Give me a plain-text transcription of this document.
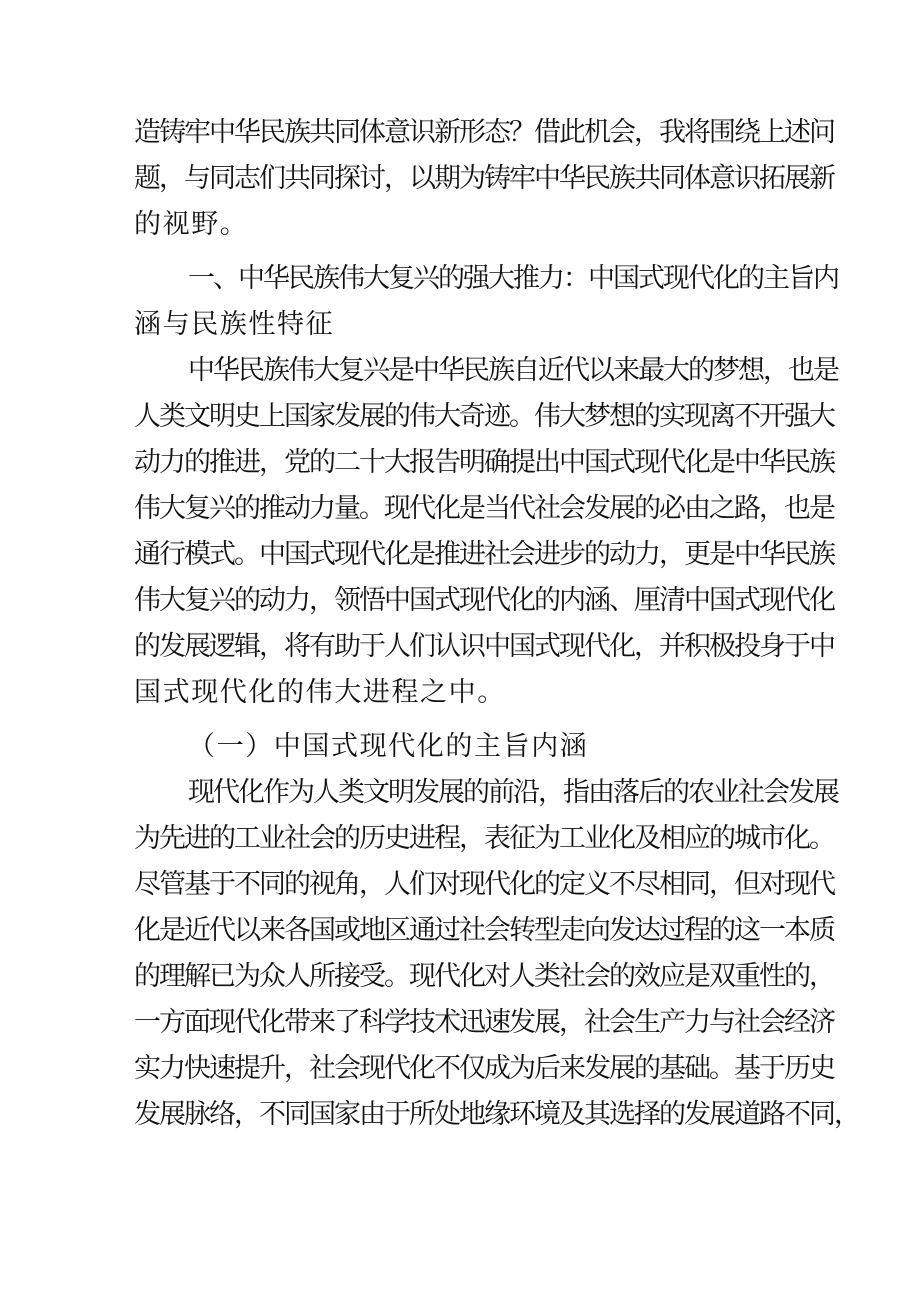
造铸牢中华民族共同体意识新形态？借此机会，我将围绕上述问
题，与同志们共同探讨，以期为铸牢中华民族共同体意识拓展新
的视野。
一、中华民族伟大复兴的强大推力：中国式现代化的主旨内
涵与民族性特征
中华民族伟大复兴是中华民族自近代以来最大的梦想，也是
人类文明史上国家发展的伟大奇迹。伟大梦想的实现离不开强大
动力的推进，党的二十大报告明确提出中国式现代化是中华民族
伟大复兴的推动力量。现代化是当代社会发展的必由之路，也是
通行模式。中国式现代化是推进社会进步的动力，更是中华民族
伟大复兴的动力，领悟中国式现代化的内涵、厘清中国式现代化
的发展逻辑，将有助于人们认识中国式现代化，并积极投身于中
国式现代化的伟大进程之中。
（一）中国式现代化的主旨内涵
现代化作为人类文明发展的前沿，指由落后的农业社会发展
为先进的工业社会的历史进程，表征为工业化及相应的城市化。
尽管基于不同的视角，人们对现代化的定义不尽相同，但对现代
化是近代以来各国或地区通过社会转型走向发达过程的这一本质
的理解已为众人所接受。现代化对人类社会的效应是双重性的，
一方面现代化带来了科学技术迅速发展，社会生产力与社会经济
实力快速提升，社会现代化不仅成为后来发展的基础。基于历史
发展脉络，不同国家由于所处地缘环境及其选择的发展道路不同，
